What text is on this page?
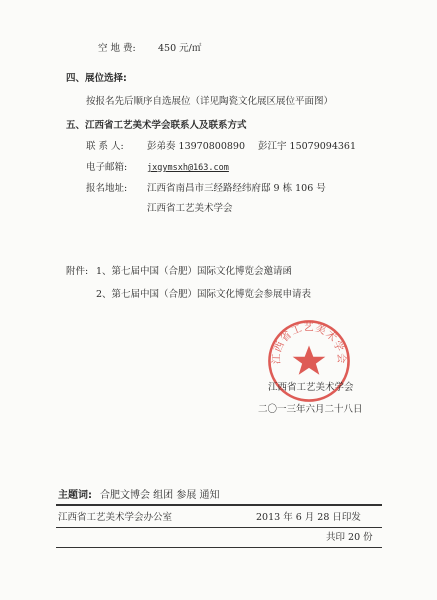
空 地 费: 450 元/㎡
四、展位选择:
按报名先后顺序自选展位（详见陶瓷文化展区展位平面图）
五、江西省工艺美术学会联系人及联系方式
联 系 人: 彭弟奏 13970800890 彭江宇 15079094361
电子邮箱: jxgymsxh@163.com
报名地址: 江西省南昌市三经路经纬府邸 9 栋 106 号
江西省工艺美术学会
附件: 1、第七届中国（合肥）国际文化博览会邀请函
2、第七届中国（合肥）国际文化博览会参展申请表
江西省工艺美术学会
江西省工艺美术学会
二〇一三年六月二十八日
主题词: 合肥文博会 组团 参展 通知
江西省工艺美术学会办公室	2013 年 6 月 28 日印发
共印 20 份
